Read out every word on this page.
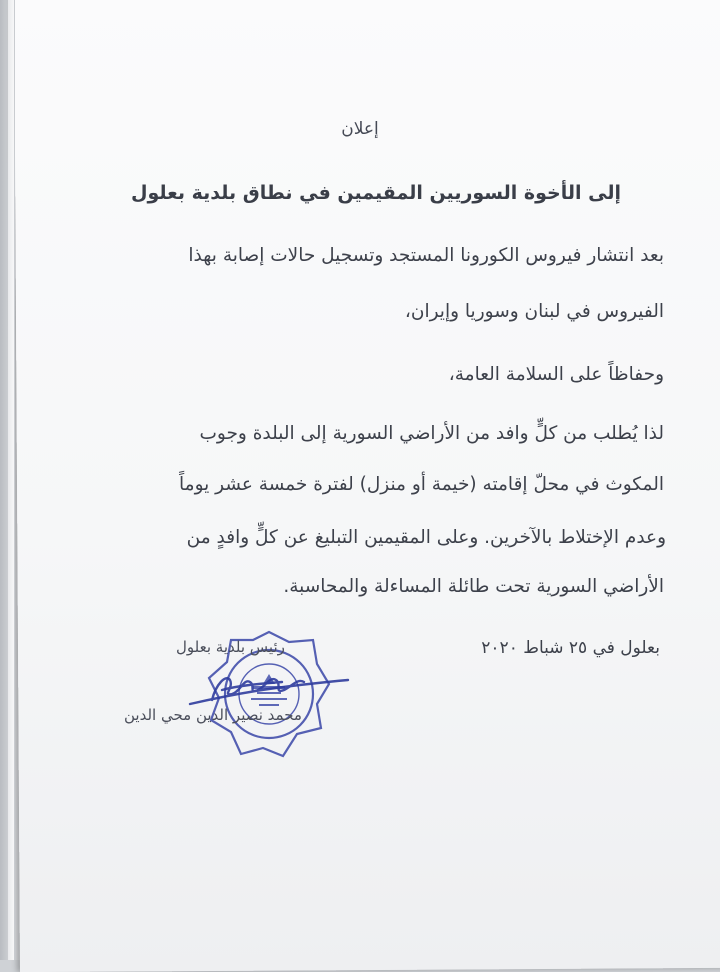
إعلان
إلى الأخوة السوريين المقيمين في نطاق بلدية بعلول
بعد انتشار فيروس الكورونا المستجد وتسجيل حالات إصابة بهذا
الفيروس في لبنان وسوريا وإيران،
وحفاظاً على السلامة العامة،
لذا يُطلب من كلٍّ وافد من الأراضي السورية إلى البلدة وجوب
المكوث في محلّ إقامته (خيمة أو منزل) لفترة خمسة عشر يوماً
وعدم الإختلاط بالآخرين. وعلى المقيمين التبليغ عن كلٍّ وافدٍ من
الأراضي السورية تحت طائلة المساءلة والمحاسبة.
بعلول في ٢٥ شباط ٢٠٢٠
رئيس بلدية بعلول
محمد نصير الدين محي الدين
